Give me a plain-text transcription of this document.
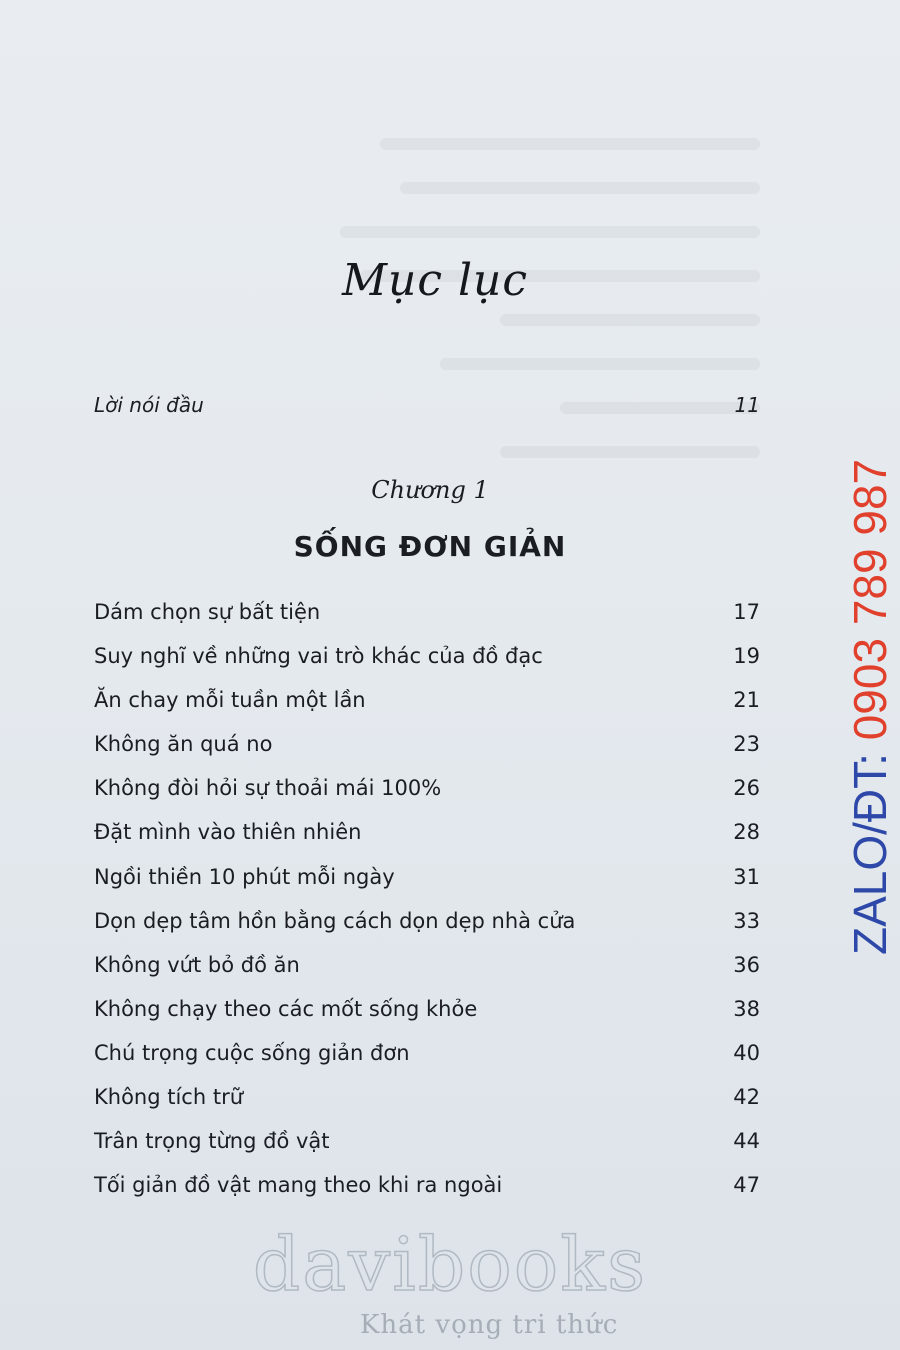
Mục lục
Lời nói đầu	11
Chương 1
SỐNG ĐƠN GIẢN
Dám chọn sự bất tiện	17
Suy nghĩ về những vai trò khác của đồ đạc	19
Ăn chay mỗi tuần một lần	21
Không ăn quá no	23
Không đòi hỏi sự thoải mái 100%	26
Đặt mình vào thiên nhiên	28
Ngồi thiền 10 phút mỗi ngày	31
Dọn dẹp tâm hồn bằng cách dọn dẹp nhà cửa	33
Không vứt bỏ đồ ăn	36
Không chạy theo các mốt sống khỏe	38
Chú trọng cuộc sống giản đơn	40
Không tích trữ	42
Trân trọng từng đồ vật	44
Tối giản đồ vật mang theo khi ra ngoài	47
ZALO/ĐT: 0903 789 987
davibooks
Khát vọng tri thức
